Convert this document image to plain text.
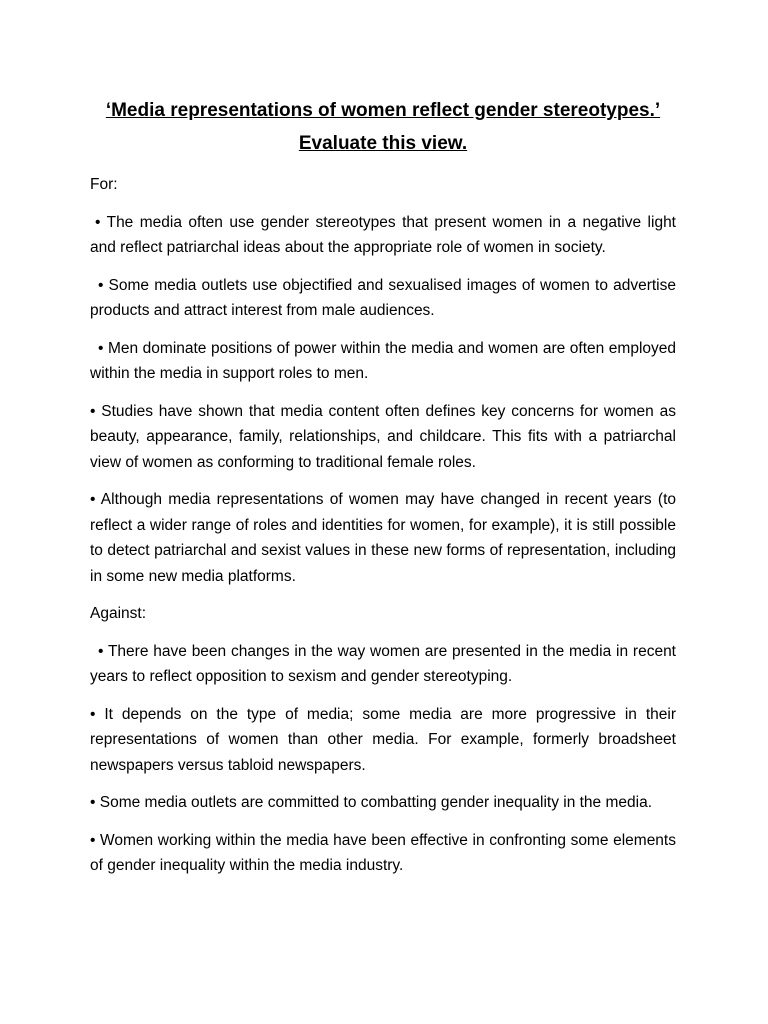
‘Media representations of women reflect gender stereotypes.’
Evaluate this view.

For:

• The media often use gender stereotypes that present women in a negative light and reflect patriarchal ideas about the appropriate role of women in society.

• Some media outlets use objectified and sexualised images of women to advertise products and attract interest from male audiences.

• Men dominate positions of power within the media and women are often employed within the media in support roles to men.

• Studies have shown that media content often defines key concerns for women as beauty, appearance, family, relationships, and childcare. This fits with a patriarchal view of women as conforming to traditional female roles.

• Although media representations of women may have changed in recent years (to reflect a wider range of roles and identities for women, for example), it is still possible to detect patriarchal and sexist values in these new forms of representation, including in some new media platforms.

Against:

• There have been changes in the way women are presented in the media in recent years to reflect opposition to sexism and gender stereotyping.

• It depends on the type of media; some media are more progressive in their representations of women than other media. For example, formerly broadsheet newspapers versus tabloid newspapers.

• Some media outlets are committed to combatting gender inequality in the media.

• Women working within the media have been effective in confronting some elements of gender inequality within the media industry.
